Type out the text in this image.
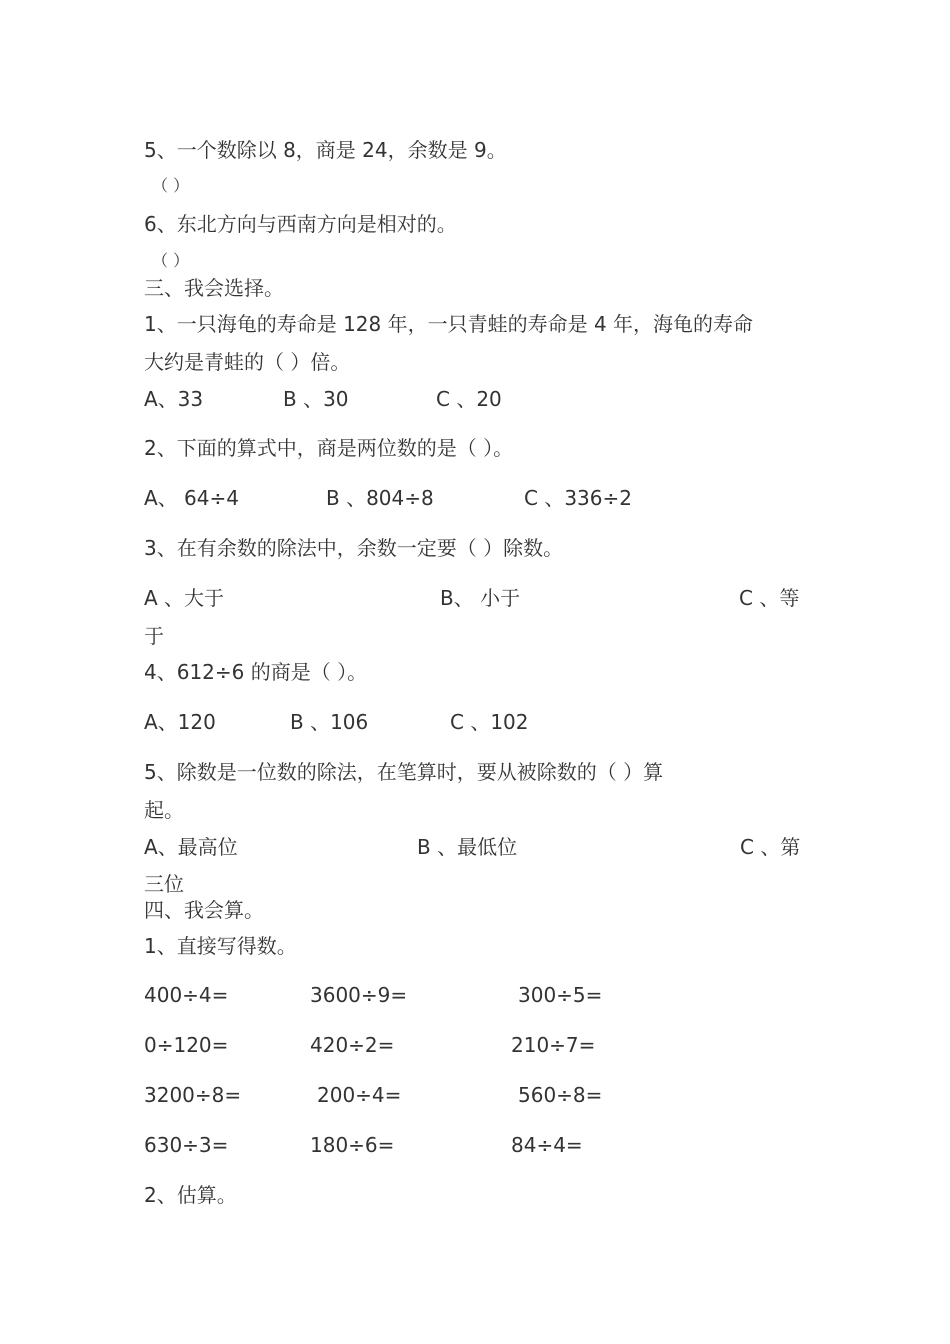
5、一个数除以 8，商是 24，余数是 9。
（ ）
6、东北方向与西南方向是相对的。
（ ）
三、我会选择。
1、一只海龟的寿命是 128 年，一只青蛙的寿命是 4 年，海龟的寿命
大约是青蛙的（ ）倍。
A、33	B 、30	C 、20
2、下面的算式中，商是两位数的是（ ）。
A、 64÷4	B 、804÷8	C 、336÷2
3、在有余数的除法中，余数一定要（ ）除数。
A 、大于	B、 小于	C 、等
于
4、612÷6 的商是（ ）。
A、120	B 、106	C 、102
5、除数是一位数的除法，在笔算时，要从被除数的（ ）算
起。
A、最高位	B 、最低位	C 、第
三位
四、我会算。
1、直接写得数。
400÷4=	3600÷9=	300÷5=
0÷120=	420÷2=	210÷7=
3200÷8=	200÷4=	560÷8=
630÷3=	180÷6=	84÷4=
2、估算。
